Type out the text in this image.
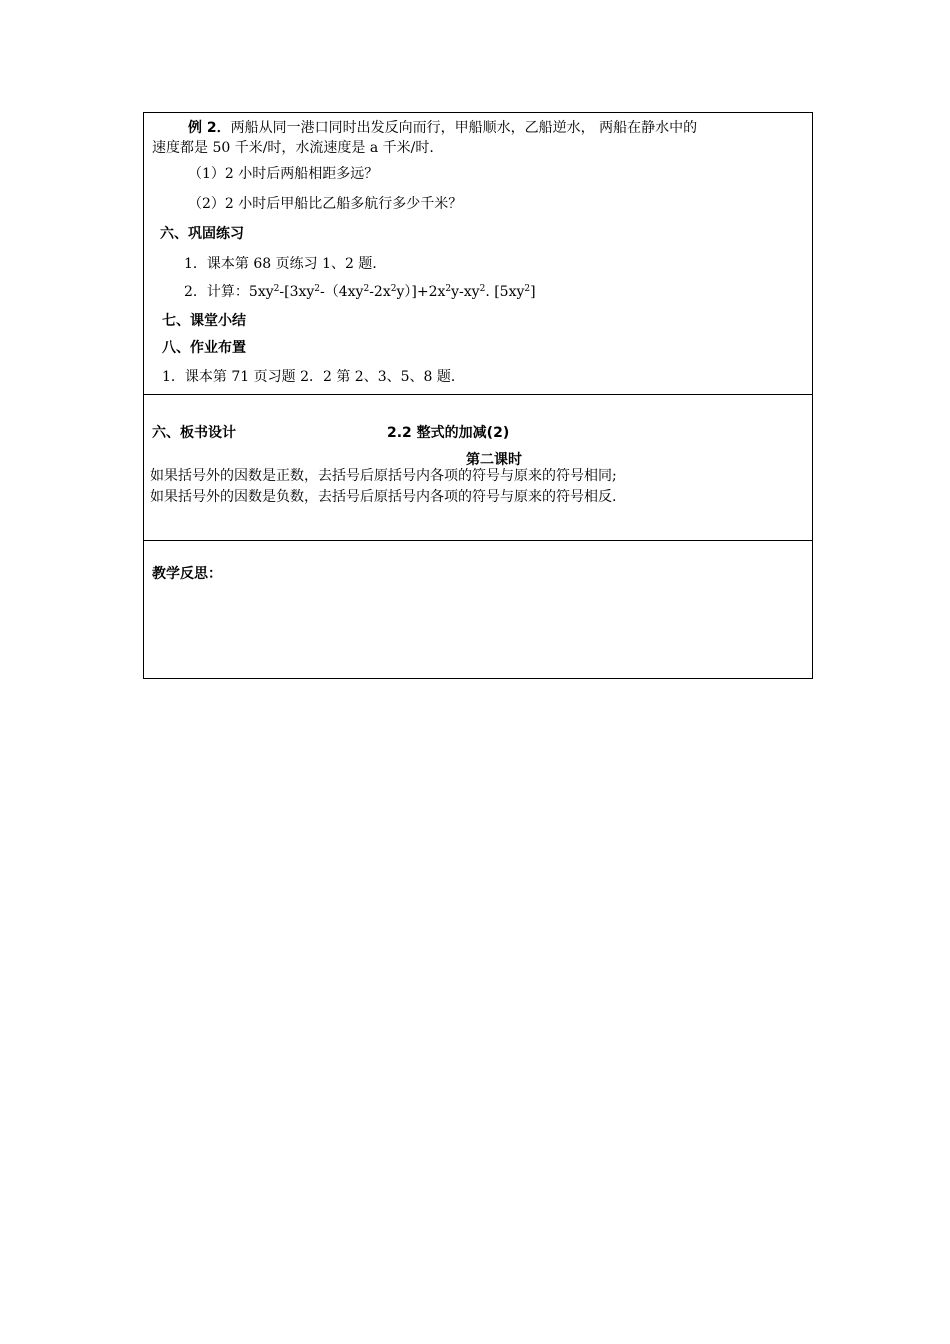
例 2．两船从同一港口同时出发反向而行，甲船顺水，乙船逆水， 两船在静水中的
速度都是 50 千米/时，水流速度是 a 千米/时.
（1）2 小时后两船相距多远？
（2）2 小时后甲船比乙船多航行多少千米？
六、巩固练习
1．课本第 68 页练习 1、2 题．
2．计算：$5xy^2-[3xy^2-(4xy^2-2x^2y)]+2x^2y-xy^2$. $[5xy^2]$
七、课堂小结
八、作业布置
1．课本第 71 页习题 2．2 第 2、3、5、8 题．
六、板书设计	2.2 整式的加减(2)
第二课时
如果括号外的因数是正数，去括号后原括号内各项的符号与原来的符号相同;
如果括号外的因数是负数，去括号后原括号内各项的符号与原来的符号相反.
教学反思：
